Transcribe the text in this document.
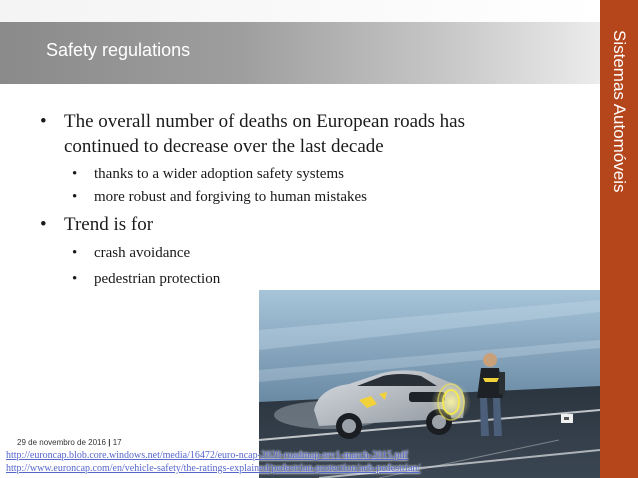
Safety regulations	Sistemas Automóveis
• The overall number of deaths on European roads has
continued to decrease over the last decade
• thanks to a wider adoption safety systems
• more robust and forgiving to human mistakes
• Trend is for
• crash avoidance
• pedestrian protection
29 de novembro de 2016 | 17
http://euroncap.blob.core.windows.net/media/16472/euro-ncap-2020-roadmap-rev1-march-2015.pdf
http://www.euroncap.com/en/vehicle-safety/the-ratings-explained/pedestrian-protection/aeb-pedestrian/
